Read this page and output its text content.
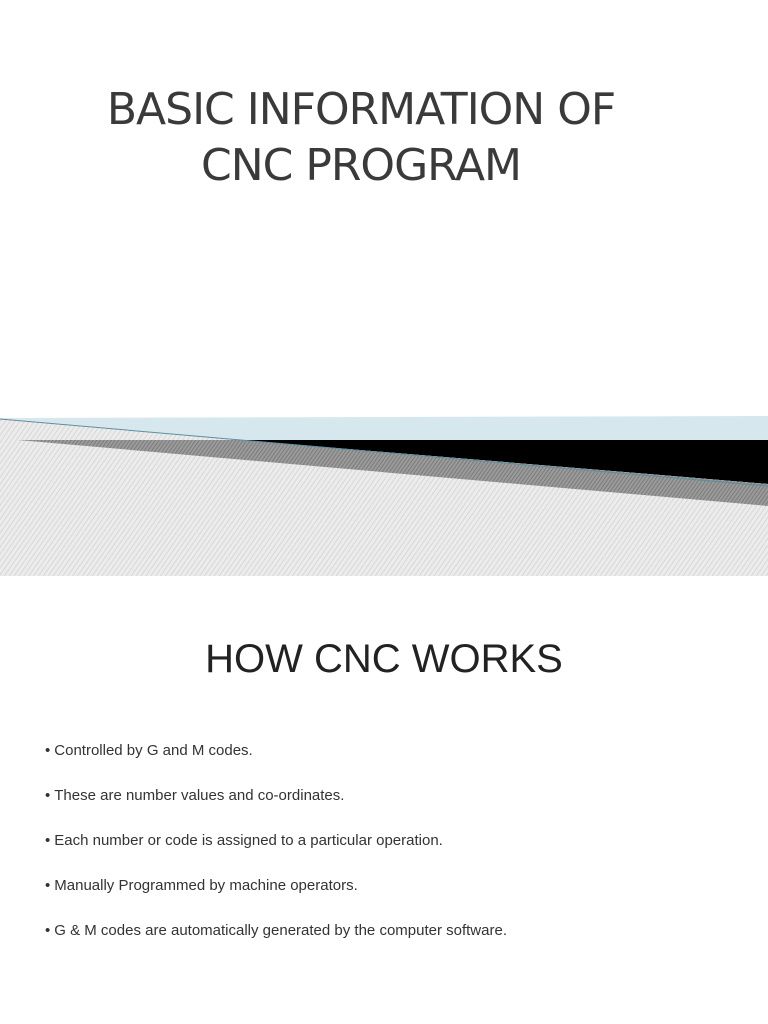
BASIC INFORMATION OF
CNC PROGRAM
HOW CNC WORKS
• Controlled by G and M codes.
• These are number values and co-ordinates.
• Each number or code is assigned to a particular operation.
• Manually Programmed by machine operators.
• G & M codes are automatically generated by the computer software.
